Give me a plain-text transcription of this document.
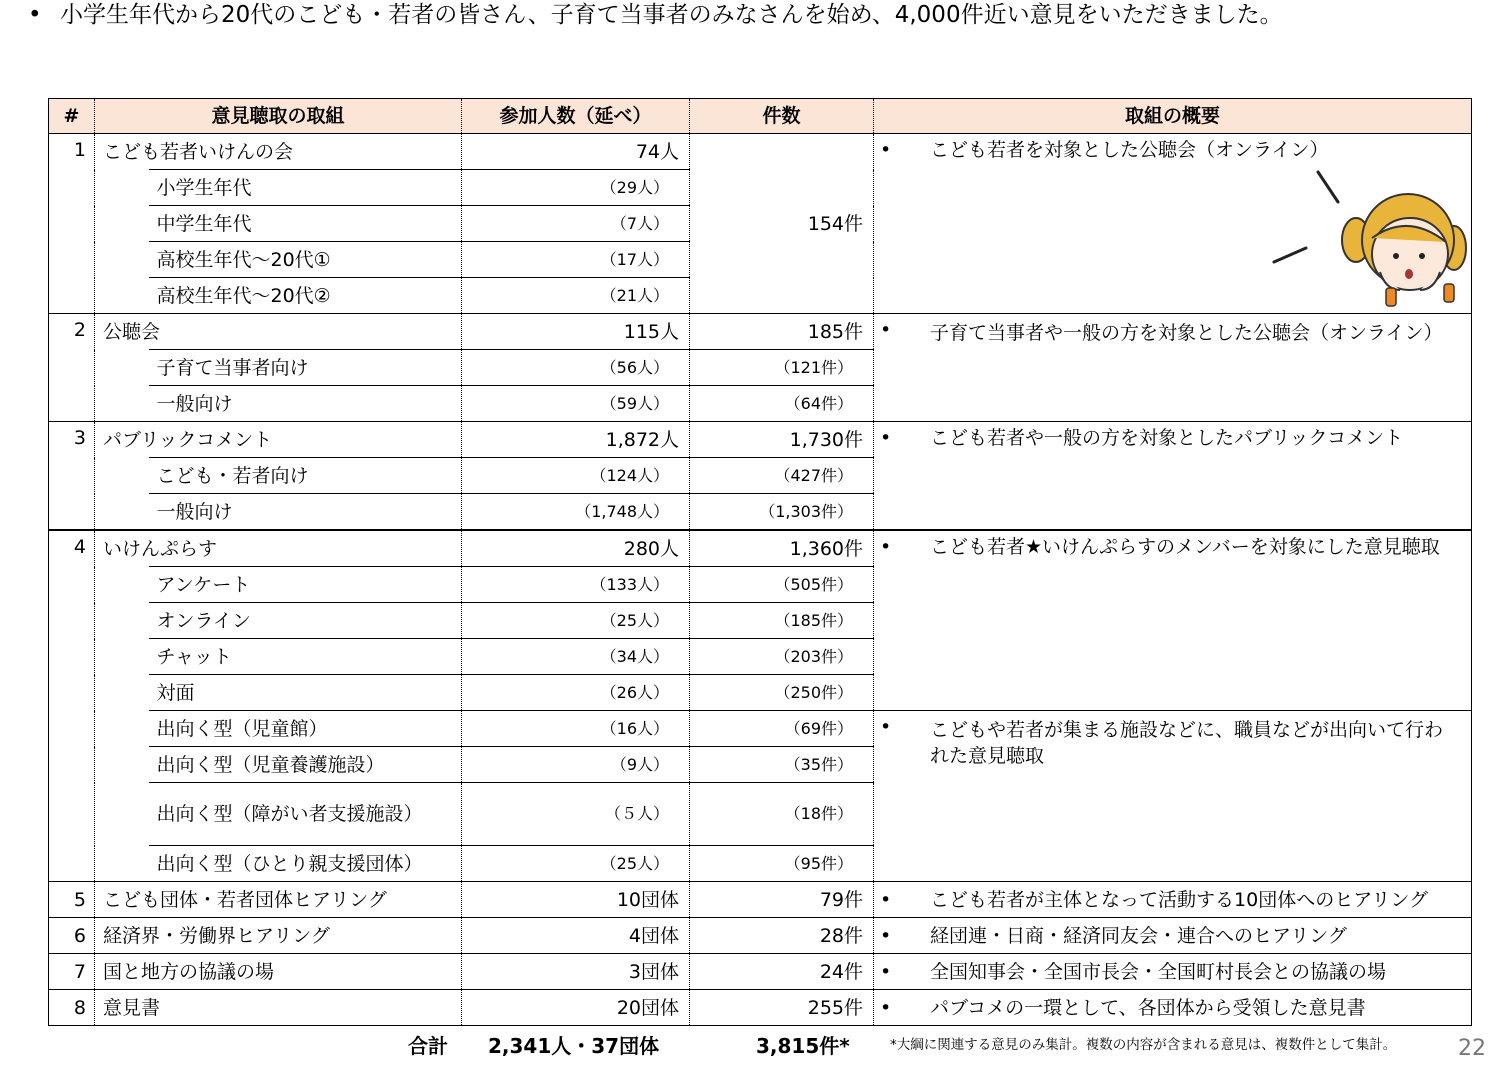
• 小学生年代から20代のこども・若者の皆さん、子育て当事者のみなさんを始め、4,000件近い意見をいただきました。
#	意見聴取の取組		参加人数（延べ）	件数	取組の概要
1	こども若者いけんの会		74人	154件	• こども若者を対象とした公聴会（オンライン）

		小学生年代	（29人）		
		中学生年代	（7人）		
		高校生年代～20代①	（17人）		
		高校生年代～20代②	（21人）		
2	公聴会		115人	185件	• 子育て当事者や一般の方を対象とした公聴会（オンライン）

		子育て当事者向け	（56人）	（121件）	
		一般向け	（59人）	（64件）	
3	パブリックコメント		1,872人	1,730件	• こども若者や一般の方を対象としたパブリックコメント

		こども・若者向け	（124人）	（427件）	
		一般向け	（1,748人）	（1,303件）	
4	いけんぷらす		280人	1,360件	• こども若者★いけんぷらすのメンバーを対象にした意見聴取

		アンケート	（133人）	（505件）	
		オンライン	（25人）	（185件）	
		チャット	（34人）	（203件）	
		対面	（26人）	（250件）	
		出向く型（児童館）	（16人）	（69件）	• こどもや若者が集まる施設などに、職員などが出向いて行われた意見聴取

		出向く型（児童養護施設）	（9人）	（35件）	
		出向く型（障がい者支援施設）	（５人）	（18件）	
		出向く型（ひとり親支援団体）	（25人）	（95件）	
5	こども団体・若者団体ヒアリング		10団体	79件	• こども若者が主体となって活動する10団体へのヒアリング

6	経済界・労働界ヒアリング		4団体	28件	• 経団連・日商・経済同友会・連合へのヒアリング

7	国と地方の協議の場		3団体	24件	• 全国知事会・全国市長会・全国町村長会との協議の場

8	意見書		20団体	255件	• パブコメの一環として、各団体から受領した意見書
合計 2,341人・37団体	3,815件*	*大綱に関連する意見のみ集計。複数の内容が含まれる意見は、複数件として集計。	22
